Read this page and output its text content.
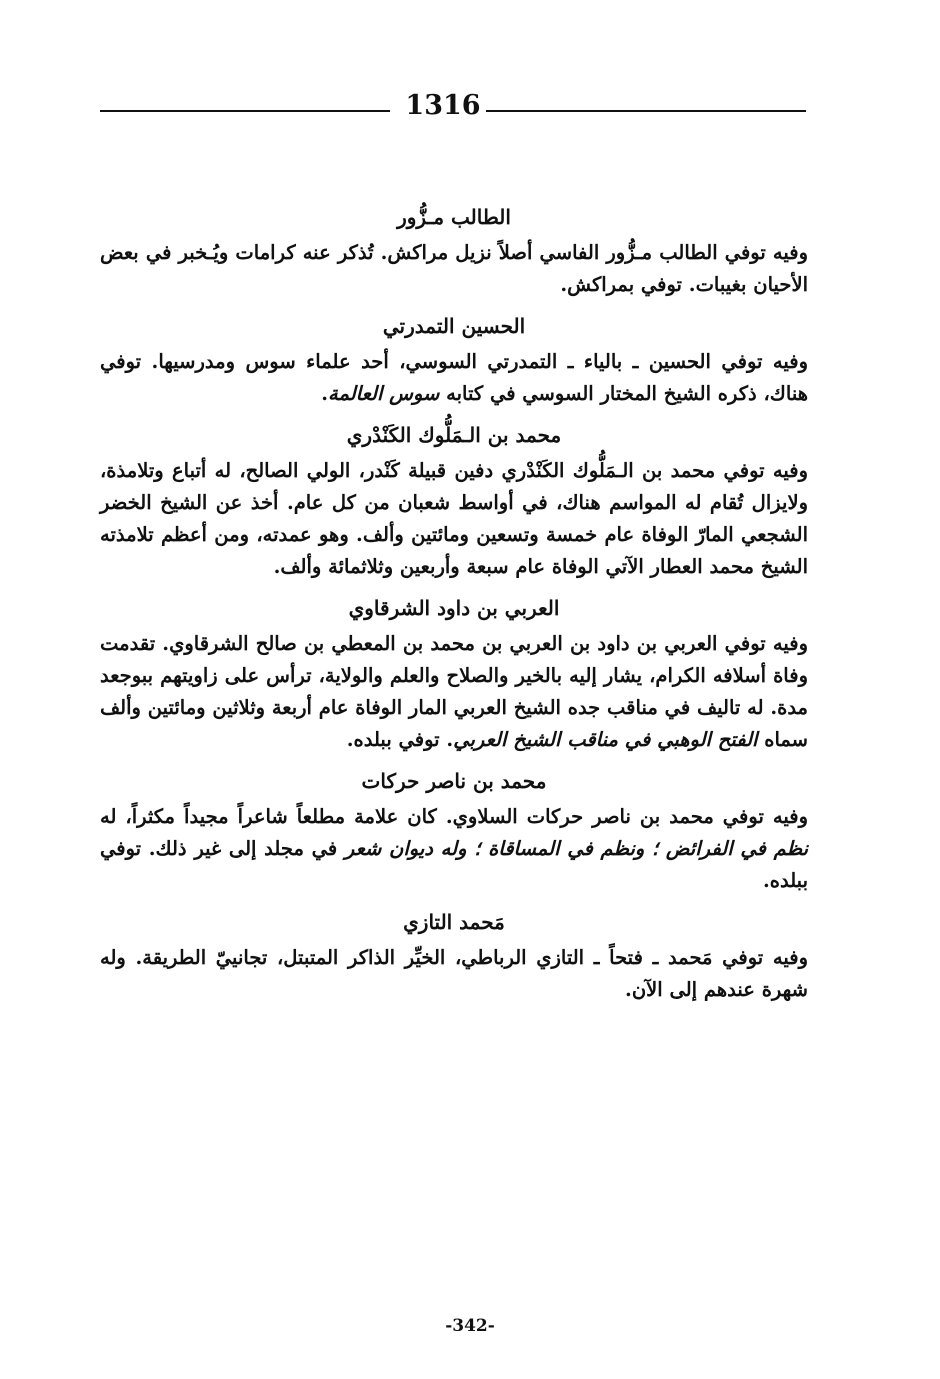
1316
الطالب مـزُّور

وفيه توفي الطالب مـزُّور الفاسي أصلاً نزيل مراكش. تُذكر عنه كرامات ويُـخبر في بعض الأحيان بغيبات. توفي بمراكش.

الحسين التمدرتي

وفيه توفي الحسين ـ بالياء ـ التمدرتي السوسي، أحد علماء سوس ومدرسيها. توفي هناك، ذكره الشيخ المختار السوسي في كتابه سوس العالمة.

محمد بن الـمَلُّوك الكَنْدْري

وفيه توفي محمد بن الـمَلُّوك الكَنْدْري دفين قبيلة كَنْدر، الولي الصالح، له أتباع وتلامذة، ولايزال تُقام له المواسم هناك، في أواسط شعبان من كل عام. أخذ عن الشيخ الخضر الشجعي المارّ الوفاة عام خمسة وتسعين ومائتين وألف. وهو عمدته، ومن أعظم تلامذته الشيخ محمد العطار الآتي الوفاة عام سبعة وأربعين وثلاثمائة وألف.

العربي بن داود الشرقاوي

وفيه توفي العربي بن داود بن العربي بن محمد بن المعطي بن صالح الشرقاوي. تقدمت وفاة أسلافه الكرام، يشار إليه بالخير والصلاح والعلم والولاية، ترأس على زاويتهم ببوجعد مدة. له تاليف في مناقب جده الشيخ العربي المار الوفاة عام أربعة وثلاثين ومائتين وألف سماه الفتح الوهبي في مناقب الشيخ العربي. توفي ببلده.

محمد بن ناصر حركات

وفيه توفي محمد بن ناصر حركات السلاوي. كان علامة مطلعاً شاعراً مجيداً مكثراً، له نظم في الفرائض ؛ ونظم في المساقاة ؛ وله ديوان شعر في مجلد إلى غير ذلك. توفي ببلده.

مَحمد التازي

وفيه توفي مَحمد ـ فتحاً ـ التازي الرباطي، الخيِّر الذاكر المتبتل، تجانييّ الطريقة. وله شهرة عندهم إلى الآن.

-342-
